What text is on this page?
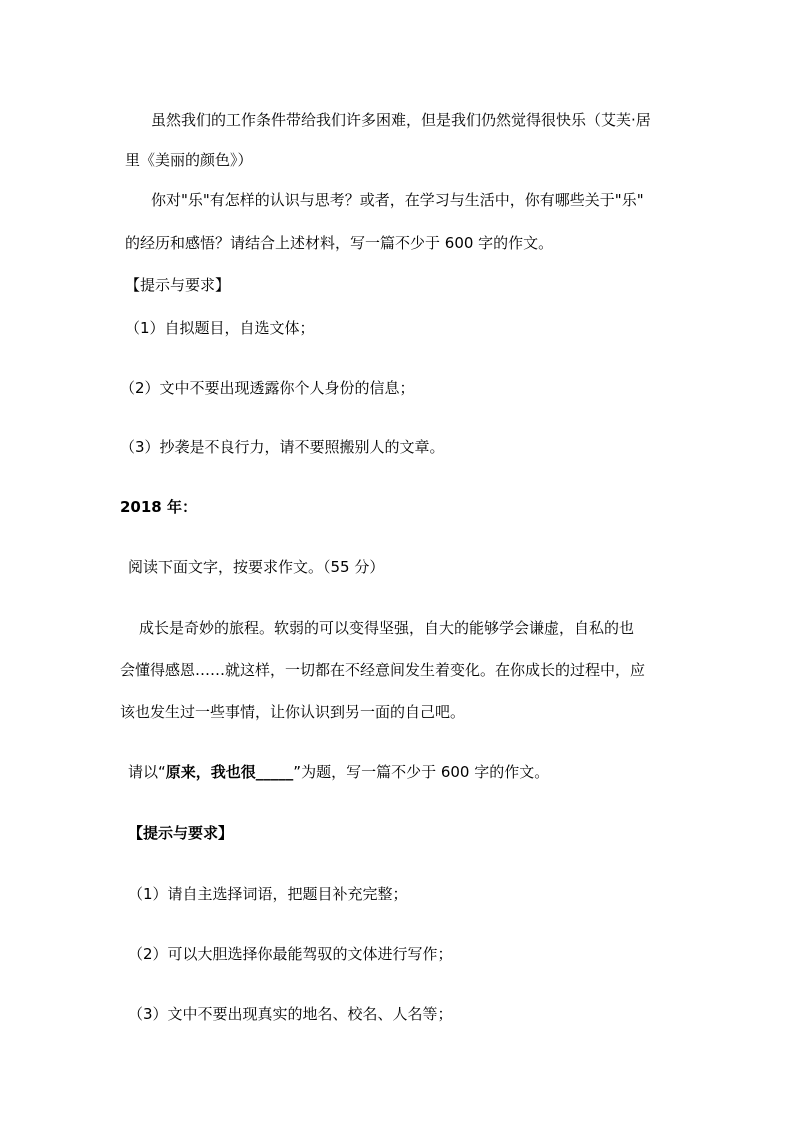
虽然我们的工作条件带给我们许多困难，但是我们仍然觉得很快乐（艾芙·居
里《美丽的颜色》）
你对"乐"有怎样的认识与思考？或者，在学习与生活中，你有哪些关于"乐"
的经历和感悟？请结合上述材料，写一篇不少于 600 字的作文。
【提示与要求】
（1）自拟题目，自选文体；
（2）文中不要出现透露你个人身份的信息；
（3）抄袭是不良行力，请不要照搬别人的文章。
2018 年：
阅读下面文字，按要求作文。（55 分）
成长是奇妙的旅程。软弱的可以变得坚强，自大的能够学会谦虚，自私的也
会懂得感恩……就这样，一切都在不经意间发生着变化。在你成长的过程中，应
该也发生过一些事情，让你认识到另一面的自己吧。
请以“原来，我也很_____”为题，写一篇不少于 600 字的作文。
【提示与要求】
（1）请自主选择词语，把题目补充完整；
（2）可以大胆选择你最能驾驭的文体进行写作；
（3）文中不要出现真实的地名、校名、人名等；
